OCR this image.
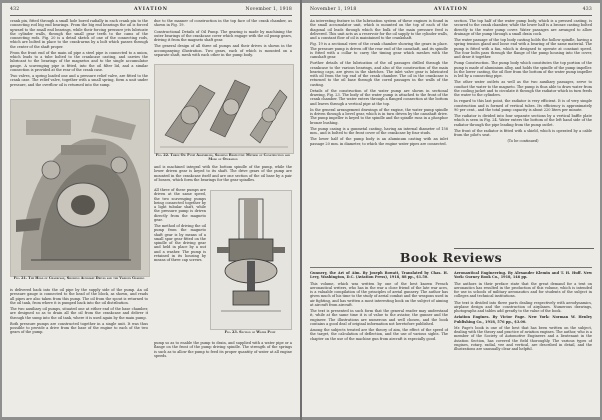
432	AVIATION	November 1, 1918

crank pin, fitted through a small hole bored radially in each crank pin to the connecting rod big end bearings. From the big end bearings the oil is forced upward to the small end bearings, while their forcing pressure jets lubricate the cylinder walls, through the small gear teeth to the cams of the connecting rods. Fig. 20 is a detail sketch of one of the connecting rods, which are bolted in place to the crank-arms by a bolt which passes through the center of the shaft proper.

From the front end of the main oil pipe a steel pipe is connected to a union, which leads to a tube bolted to the crankcase casting, and carries the lubricant to the bearings of the magnetos and to the single accumulator gauge. A scavenging pipe is fitted, into the oil filter lid, and a similar connection is provided at the rear of the crank case.

Two valves, a spring loaded one and a pressure relief valve, are fitted to the crank case. The relief valve, together with a small spring, form a unit under pressure, and the overflow oil is returned into the sump.

Fig. 21. The Head of Crankcase, Showing Auxiliary Drives and the Various Gearing

is delivered back into the oil pipe by the supply side of the pump. An oil pressure gauge is connected to the head of the block, as shown, and reads all pipes are also taken from this pump. The oil from the spout is returned to the oil tank, from where it is pumped back into the oil distribution.

The two auxiliary oil pumps, situated one at either end of the base chamber, are designed so as to drain all the oil from the crankcase and deliver it through the sump into the oil tank, where it is used again by the main pump.

Both pressure pumps are constructed together in a single unit. It was thus possible to provide a drive from the base of the engine to each of the two gears of the pump.

due to the manner of construction in the top face of the crank chamber, as shown in Fig. 19.

Constructional Details of Oil Pump. The gearing is made by machining the outer bearings of the crankcase cover which engage with the oil pump gears, driving it from the magneto shaft gear.

The general design of all three oil pumps and their drives is shown in the accompanying illustration. Two gears, each of which is mounted on a separate shaft, mesh with each other in the pump body.

Fig. 22. Three Oil Pump Assemblies, Showing Respective Method of Construction and Mode of Operation

and is machined integral with the bottom spindle of the pump, while the lower driven gear is keyed to its shaft. The drive gears of the pump are mounted in the crankcase itself and are one section of the oil base by a pair of bosses, which form the bearings for the gear spindles.

All three of these pumps are driven at the same speed, the two scavenging pumps being connected together by a light tubular shaft, while the pressure pump is driven directly from the magneto gear.

The method of driving the oil pump from the magneto shaft gear is by means of a small spur gear fitted on the spindle of the driving gear and held in place by a nut and a washer. The pump is retained in its housing by means of three cap screws.

Fig. 23. Section of Water Pump

pump so as to enable the pump to drain, and supplied with a water pipe or a flange on the front of the pump driving spindle. The strength of the springs is such as to allow the pump to feed its proper quantity of water at all engine speeds.

November 1, 1918	AVIATION	433

An interesting feature in the lubrication system of these engines is found in the small accumulator unit, which is mounted on the top of each of the diagonal oil leads through which the bulk of the main pressure feed is delivered. This unit acts as a reservoir for the oil supply to the cylinder walls, and a constant flow of oil is maintained to the crankshaft.

Fig. 19 is a sectional view of the crank chamber showing the gears in place. The pressure pump is driven off the rear end of the camshaft, and its spindle is fitted with a collar to carry the timing gear which meshes with the camshaft gear.

Further details of the lubrication of the oil passages drilled through the crankcase to the various bearings, and also of the construction of the main bearing caps, are given in the sketches. The inlet valve gear is lubricated with oil from the top end of the crank chamber. The oil in the crankcase is returned to the oil base through the cored passages in the walls of the casting.

Details of the construction of the water pump are shown in sectional drawing, Fig. 23. The body of the water pump is attached to the front of the crank chamber. The water enters through a flanged connection at the bottom and leaves through a vertical pipe at the top.

In the general arrangement drawings of the engine, the water pump spindle is driven through a bevel gear, which is in turn driven by the camshaft drive. The pump impeller is keyed to the spindle and the spindle runs in a phosphor bronze bushing.

The pump casing is a gunmetal casting, having an internal diameter of 158 mm., and is bolted to the front cover of the crankcase by four studs.

The lower half of the pump body is an aluminum casting with an inlet passage 20 mm. in diameter, to which the engine water pipes are connected.

section. The top half of the water pump body, which is a pressed casting, is secured to the crank chamber, while the lower half is a bronze casting bolted directly to the water pump cover. Water passages are arranged to allow drainage of the pump through a small drain cock.

The water passage of the top body casting holds the hollow spindle, having a spring tension gland and loose end with a bearing of the same material. The pump is fitted with a fan, which is designed to operate at constant speed. The four bolts pass through the flange of the pump housing into the cover, and draw it together.

Pump Construction. The pump body which constitutes the top portion of the pump is made of aluminium alloy, and holds the spindle of the pump impeller. In the lower casting, the oil flow from the bottom of the water pump impeller is led by a connecting pipe.

The other water outlets as well as the two auxiliary passages, serve to conduct the water to the magneto. The pump is thus able to draw water from the cooling jacket and to circulate it through the radiator which in turn feeds the water to the cylinders.

In regard to this last point, the radiator is very efficient. It is of very simple construction and is formed of vertical tubes. Its efficiency is approximately 90 per cent., and the total pump capacity is about 220 liters per minute.

The radiator is divided into four separate sections by a vertical baffle plate which is seen in Fig. 24. Water enters the bottom of the left hand side of the radiator through the pipe leading from the pump outlet.

The front of the radiator is fitted with a shield, which is operated by a cable from the pilot's seat.

(To be continued)

Book Reviews

Gunnery, the Art of Aim. By Joseph Rowatt, Translated by Chas. H. Levy, Washington, D.C. (Aviation Press), 1918, 88 pp., $1.50.

This volume, which was written by one of the best known French aeronautical writers, who has in the war a close friend of the late war aces, is a valuable compilation of the principles of aerial gunnery. The author has given much of his time to the study of aerial combat and the weapons used in air fighting, and has written a most interesting book on the subject of aiming at aircraft from aircraft.

The text is presented in such form that the general reader may understand it, while at the same time it is of value to the aviator, the gunner and the engineer. The illustrations are numerous and well chosen, and the book contains a good deal of original information not heretofore published.

Among the subjects treated are the theory of aim, the effect of the speed of the target, the calculation of deflection, and the use of various sights. The chapter on the use of the machine gun from aircraft is especially good.

Aeronautical Engineering. By Alexander Klemin and T. H. Huff. New York: Gurney Book Co., 1918, 146 pp.

The authors in their preface state that the great demand for a text on aeronautics has resulted in the production of this volume, which is intended for use in schools of military aeronautics and for students of the subject in colleges and technical institutions.

The text is divided into three parts dealing respectively with aerodynamics, airplane design and the construction of airplanes. Numerous drawings, photographs and tables add greatly to the value of the book.

Aviation Engines. By Victor Page. New York: Norman W. Henley Publishing Co., 1918, 576 pp., $3.00.

Mr. Page's book is one of the best that has been written on the subject, dealing with the theory and practice of aviation engines. The author, who is a member of the Society of Automotive Engineers and a lieutenant in the Aviation Section, has covered the field thoroughly. The various types of engines, rotary, radial, vee and vertical, are described in detail, and the illustrations are unusually clear and helpful.
